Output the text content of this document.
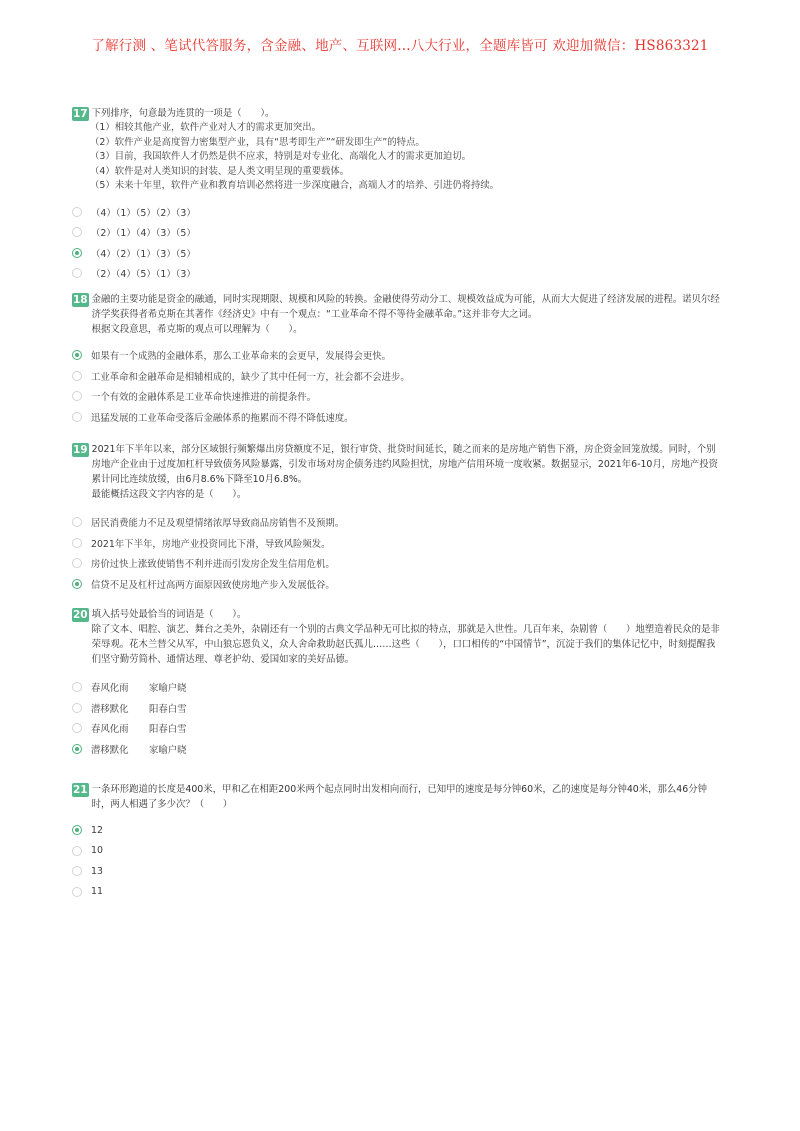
了解行测 、笔试代答服务，含金融、地产、互联网...八大行业，全题库皆可 欢迎加微信：HS863321
17 下列排序，句意最为连贯的一项是（　　）。
（1）相较其他产业，软件产业对人才的需求更加突出。
（2）软件产业是高度智力密集型产业，具有“思考即生产”“研发即生产”的特点。
（3）目前，我国软件人才仍然是供不应求，特别是对专业化、高端化人才的需求更加迫切。
（4）软件是对人类知识的封装、是人类文明呈现的重要载体。
（5）未来十年里，软件产业和教育培训必然将进一步深度融合，高端人才的培养、引进仍将持续。
（4）（1）（5）（2）（3）
（2）（1）（4）（3）（5）
（4）（2）（1）（3）（5）
（2）（4）（5）（1）（3）
18 金融的主要功能是资金的融通，同时实现期限、规模和风险的转换。金融使得劳动分工、规模效益成为可能，从而大大促进了经济发展的进程。诺贝尔经济学奖获得者希克斯在其著作《经济史》中有一个观点：“工业革命不得不等待金融革命。”这并非夸大之词。
根据文段意思，希克斯的观点可以理解为（　　）。
如果有一个成熟的金融体系，那么工业革命来的会更早，发展得会更快。
工业革命和金融革命是相辅相成的，缺少了其中任何一方，社会都不会进步。
一个有效的金融体系是工业革命快速推进的前提条件。
迅猛发展的工业革命受落后金融体系的拖累而不得不降低速度。
19 2021年下半年以来，部分区域银行频繁爆出房贷额度不足，银行审贷、批贷时间延长，随之而来的是房地产销售下滑，房企资金回笼放缓。同时，个别房地产企业由于过度加杠杆导致债务风险暴露，引发市场对房企债务违约风险担忧，房地产信用环境一度收紧。数据显示，2021年6-10月，房地产投资累计同比连续放缓，由6月8.6%下降至10月6.8%。
最能概括这段文字内容的是（　　）。
居民消费能力不足及观望情绪浓厚导致商品房销售不及预期。
2021年下半年，房地产业投资同比下滑，导致风险频发。
房价过快上涨致使销售不利并进而引发房企发生信用危机。
信贷不足及杠杆过高两方面原因致使房地产步入发展低谷。
20 填入括号处最恰当的词语是（　　）。
除了文本、唱腔、演艺、舞台之美外，杂剧还有一个别的古典文学品种无可比拟的特点，那就是入世性。几百年来，杂剧曾（　　）地塑造着民众的是非荣辱观。花木兰替父从军，中山狼忘恩负义，众人舍命救助赵氏孤儿……这些（　　），口口相传的“中国情节”，沉淀于我们的集体记忆中，时刻提醒我们坚守勤劳简朴、通情达理、尊老护幼、爱国如家的美好品德。
春风化雨 家喻户晓
潜移默化 阳春白雪
春风化雨 阳春白雪
潜移默化 家喻户晓
21 一条环形跑道的长度是400米，甲和乙在相距200米两个起点同时出发相向而行，已知甲的速度是每分钟60米，乙的速度是每分钟40米，那么46分钟时，两人相遇了多少次？（　　）
12
10
13
11
